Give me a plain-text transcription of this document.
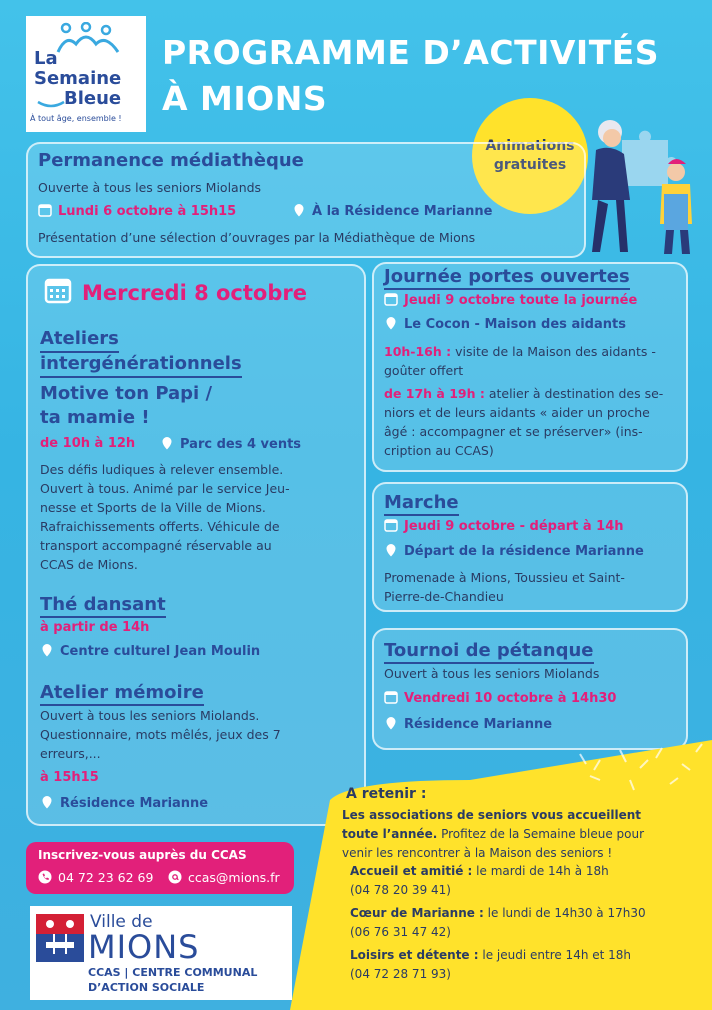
La
Semaine
Bleue
À tout âge, ensemble !
PROGRAMME D’ACTIVITÉS
À MIONS
Animations
gratuites
Permanence médiathèque
Ouverte à tous les seniors Miolands
Lundi 6 octobre à 15h15	À la Résidence Marianne
Présentation d’une sélection d’ouvrages par la Médiathèque de Mions
Mercredi 8 octobre
Ateliers
intergénérationnels
Motive ton Papi /
ta mamie !
de 10h à 12h	Parc des 4 vents
Des défis ludiques à relever ensemble.
Ouvert à tous. Animé par le service Jeu-
nesse et Sports de la Ville de Mions.
Rafraichissements offerts. Véhicule de
transport accompagné réservable au
CCAS de Mions.
Thé dansant
à partir de 14h
Centre culturel Jean Moulin
Atelier mémoire
Ouvert à tous les seniors Miolands.
Questionnaire, mots mêlés, jeux des 7
erreurs,...
à 15h15
Résidence Marianne
Journée portes ouvertes
Jeudi 9 octobre toute la journée
Le Cocon - Maison des aidants
10h-16h : visite de la Maison des aidants -
goûter offert
de 17h à 19h : atelier à destination des se-
niors et de leurs aidants « aider un proche
âgé : accompagner et se préserver» (ins-
cription au CCAS)
Marche
Jeudi 9 octobre - départ à 14h
Départ de la résidence Marianne
Promenade à Mions, Toussieu et Saint-
Pierre-de-Chandieu
Tournoi de pétanque
Ouvert à tous les seniors Miolands
Vendredi 10 octobre à 14h30
Résidence Marianne
A retenir :
Les associations de seniors vous accueillent
toute l’année. Profitez de la Semaine bleue pour
venir les rencontrer à la Maison des seniors !
Accueil et amitié : le mardi de 14h à 18h
(04 78 20 39 41)
Cœur de Marianne : le lundi de 14h30 à 17h30
(06 76 31 47 42)
Loisirs et détente : le jeudi entre 14h et 18h
(04 72 28 71 93)
Inscrivez-vous auprès du CCAS
04 72 23 62 69	ccas@mions.fr
Ville de
MIONS
CCAS | CENTRE COMMUNAL
D’ACTION SOCIALE
